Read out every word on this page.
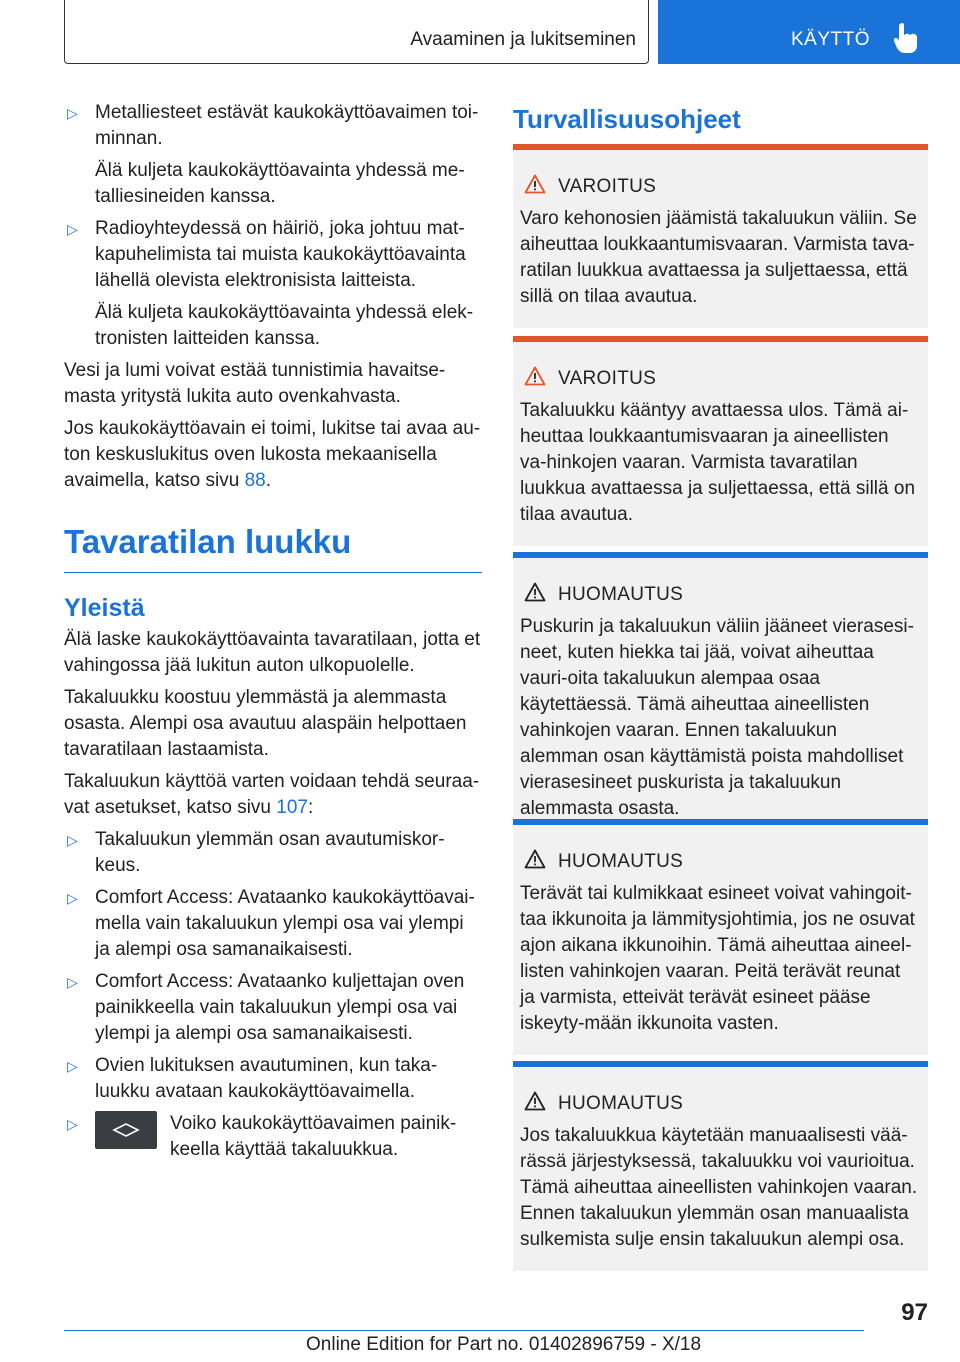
Avaaminen ja lukitseminen	KÄYTTÖ
▷ Metalliesteet estävät kaukokäyttöavaimen toi‐minnan.
Älä kuljeta kaukokäyttöavainta yhdessä me‐talliesineiden kanssa.
▷ Radioyhteydessä on häiriö, joka johtuu mat‐kapuhelimista tai muista kaukokäyttöavainta lähellä olevista elektronisista laitteista.
Älä kuljeta kaukokäyttöavainta yhdessä elek‐tronisten laitteiden kanssa.

Vesi ja lumi voivat estää tunnistimia havaitse‐masta yritystä lukita auto ovenkahvasta.

Jos kaukokäyttöavain ei toimi, lukitse tai avaa au‐ton keskuslukitus oven lukosta mekaanisella avaimella, katso sivu 88.

Tavaratilan luukku
Yleistä

Älä laske kaukokäyttöavainta tavaratilaan, jotta et vahingossa jää lukitun auton ulkopuolelle.

Takaluukku koostuu ylemmästä ja alemmasta osasta. Alempi osa avautuu alaspäin helpottaen tavaratilaan lastaamista.

Takaluukun käyttöä varten voidaan tehdä seuraa‐vat asetukset, katso sivu 107:

▷ Takaluukun ylemmän osan avautumiskor‐keus.
▷ Comfort Access: Avataanko kaukokäyttöavai‐mella vain takaluukun ylempi osa vai ylempi ja alempi osa samanaikaisesti.
▷ Comfort Access: Avataanko kuljettajan oven painikkeella vain takaluukun ylempi osa vai ylempi ja alempi osa samanaikaisesti.
▷ Ovien lukituksen avautuminen, kun taka‐luukku avataan kaukokäyttöavaimella.
▷	Voiko kaukokäyttöavaimen painik‐keella käyttää takaluukkua.
Turvallisuusohjeet
VAROITUS
Varo kehonosien jäämistä takaluukun väliin. Se aiheuttaa loukkaantumisvaaran. Varmista tava‐ratilan luukkua avattaessa ja suljettaessa, että sillä on tilaa avautua.
VAROITUS
Takaluukku kääntyy avattaessa ulos. Tämä ai‐heuttaa loukkaantumisvaaran ja aineellisten va‐hinkojen vaaran. Varmista tavaratilan luukkua avattaessa ja suljettaessa, että sillä on tilaa avautua.
HUOMAUTUS
Puskurin ja takaluukun väliin jääneet vierasesi‐neet, kuten hiekka tai jää, voivat aiheuttaa vauri‐oita takaluukun alempaa osaa käytettäessä. Tämä aiheuttaa aineellisten vahinkojen vaaran. Ennen takaluukun alemman osan käyttämistä poista mahdolliset vierasesineet puskurista ja takaluukun alemmasta osasta.
HUOMAUTUS
Terävät tai kulmikkaat esineet voivat vahingoit‐taa ikkunoita ja lämmitysjohtimia, jos ne osuvat ajon aikana ikkunoihin. Tämä aiheuttaa aineel‐listen vahinkojen vaaran. Peitä terävät reunat ja varmista, etteivät terävät esineet pääse iskeyty‐mään ikkunoita vasten.
HUOMAUTUS
Jos takaluukkua käytetään manuaalisesti vää‐rässä järjestyksessä, takaluukku voi vaurioitua. Tämä aiheuttaa aineellisten vahinkojen vaaran. Ennen takaluukun ylemmän osan manuaalista sulkemista sulje ensin takaluukun alempi osa.
97
Online Edition for Part no. 01402896759 - X/18
